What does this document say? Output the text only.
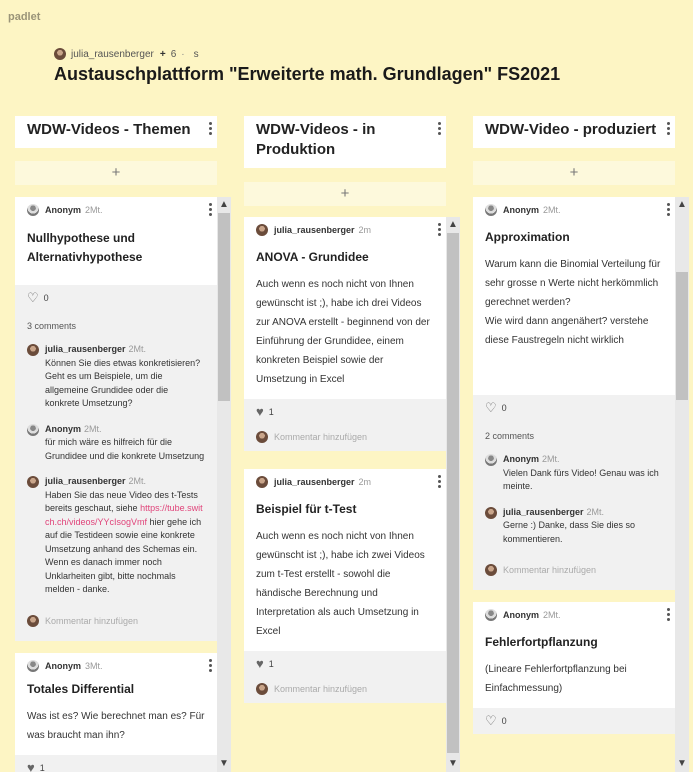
padlet
julia_rausenberger + 6 · s
Austauschplattform "Erweiterte math. Grundlagen" FS2021
WDW-Videos - Themen
+
Anonym 2Mt.
Nullhypothese und Alternativhypothese
♡ 0
3 comments
julia_rausenberger 2Mt.
Können Sie dies etwas konkretisieren? Geht es um Beispiele, um die allgemeine Grundidee oder die konkrete Umsetzung?
Anonym 2Mt.
für mich wäre es hilfreich für die Grundidee und die konkrete Umsetzung
julia_rausenberger 2Mt.
Haben Sie das neue Video des t-Tests bereits geschaut, siehe https://tube.switch.ch/videos/YYcIsogVmf hier gehe ich auf die Testideen sowie eine konkrete Umsetzung anhand des Schemas ein. Wenn es danach immer noch Unklarheiten gibt, bitte nochmals melden - danke.
Kommentar hinzufügen
Anonym 3Mt.
Totales Differential
Was ist es? Wie berechnet man es? Für was braucht man ihn?
♥ 1
▲
▼
WDW-Videos - in Produktion
+
julia_rausenberger 2m
ANOVA - Grundidee
Auch wenn es noch nicht von Ihnen gewünscht ist ;), habe ich drei Videos zur ANOVA erstellt - beginnend von der Einführung der Grundidee, einem konkreten Beispiel sowie der Umsetzung in Excel
♥ 1
Kommentar hinzufügen
julia_rausenberger 2m
Beispiel für t-Test
Auch wenn es noch nicht von Ihnen gewünscht ist ;), habe ich zwei Videos zum t-Test erstellt - sowohl die händische Berechnung und Interpretation als auch Umsetzung in Excel
♥ 1
Kommentar hinzufügen
▲
▼
WDW-Video - produziert
+
Anonym 2Mt.
Approximation
Warum kann die Binomial Verteilung für sehr grosse n Werte nicht herkömmlich gerechnet werden?
Wie wird dann angenähert? verstehe diese Faustregeln nicht wirklich
♡ 0
2 comments
Anonym 2Mt.
Vielen Dank fürs Video! Genau was ich meinte.
julia_rausenberger 2Mt.
Gerne :) Danke, dass Sie dies so kommentieren.
Kommentar hinzufügen
Anonym 2Mt.
Fehlerfortpflanzung
(Lineare Fehlerfortpflanzung bei Einfachmessung)
♡ 0
▲
▼
